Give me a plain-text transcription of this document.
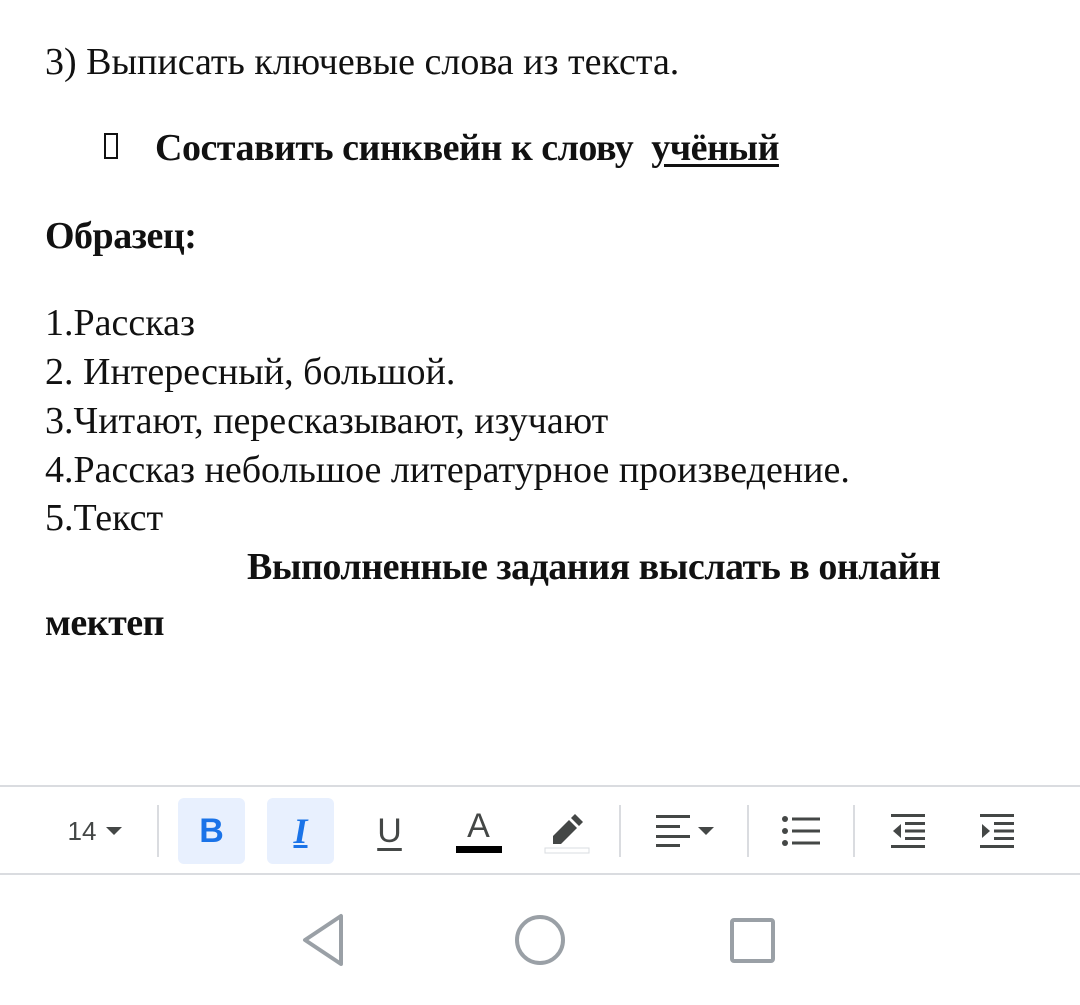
3) Выписать ключевые слова из текста.
Составить синквейн к слову учёный
Образец:
1.Рассказ
2. Интересный, большой.
3.Читают, пересказывают, изучают
4.Рассказ небольшое литературное произведение.
5.Текст
Выполненные задания выслать в онлайн
мектеп
14	B I U A
